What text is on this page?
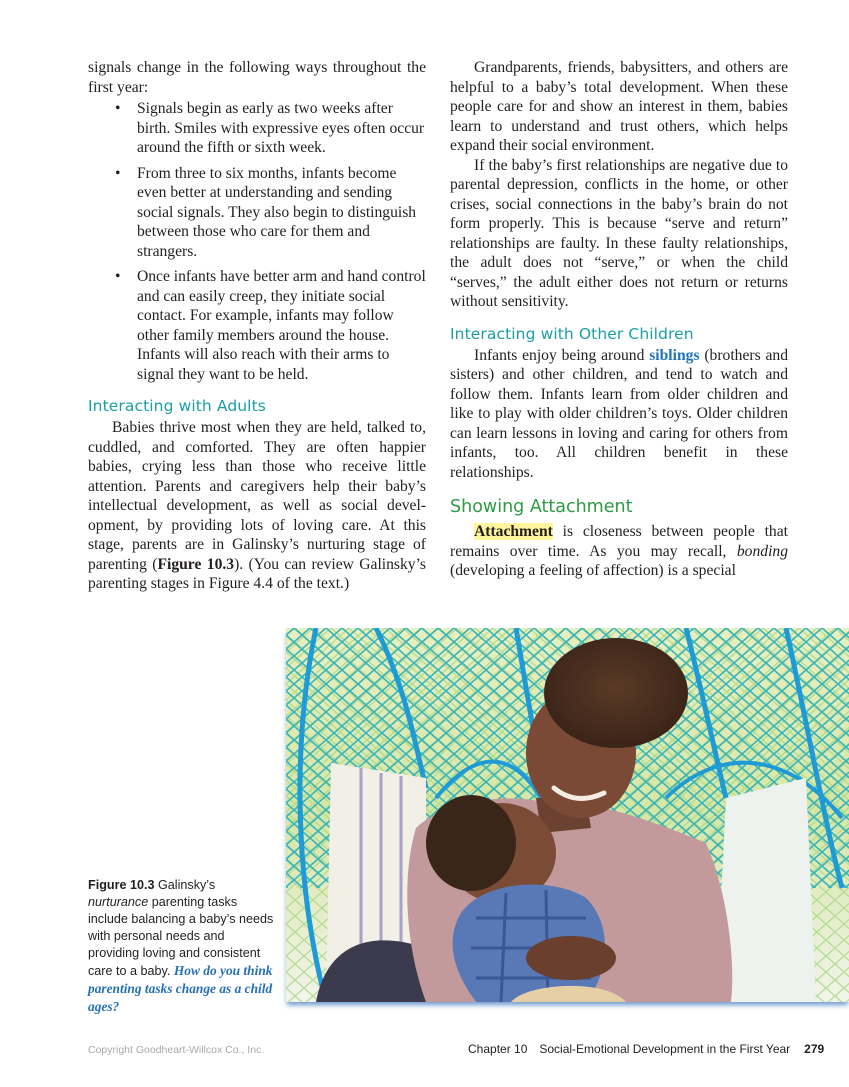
signals change in the following ways throughout the first year:

• Signals begin as early as two weeks after birth. Smiles with expressive eyes often occur around the fifth or sixth week.
• From three to six months, infants become even better at understanding and sending social signals. They also begin to distinguish between those who care for them and strangers.
• Once infants have better arm and hand control and can easily creep, they initiate social contact. For example, infants may follow other family members around the house. Infants will also reach with their arms to signal they want to be held.
Interacting with Adults

Babies thrive most when they are held, talked to, cuddled, and comforted. They are often happier babies, crying less than those who receive little attention. Parents and caregivers help their baby’s intellectual development, as well as social development, by providing lots of loving care. At this stage, parents are in Galinsky’s nurturing stage of parenting (Figure 10.3). (You can review Galinsky’s parenting stages in Figure 4.4 of the text.)

Grandparents, friends, babysitters, and others are helpful to a baby’s total development. When these people care for and show an interest in them, babies learn to understand and trust others, which helps expand their social environment.

If the baby’s first relationships are negative due to parental depression, conflicts in the home, or other crises, social connections in the baby’s brain do not form properly. This is because “serve and return” relationships are faulty. In these faulty relationships, the adult does not “serve,” or when the child “serves,” the adult either does not return or returns without sensitivity.

Interacting with Other Children

Infants enjoy being around siblings (brothers and sisters) and other children, and tend to watch and follow them. Infants learn from older children and like to play with older children’s toys. Older children can learn lessons in loving and caring for others from infants, too. All children benefit in these relationships.

Showing Attachment

Attachment is closeness between people that remains over time. As you may recall, bonding (developing a feeling of affection) is a special

Figure 10.3 Galinsky’s nurturance parenting tasks include balancing a baby’s needs with personal needs and providing loving and consistent care to a baby. How do you think parenting tasks change as a child ages?
Copyright Goodheart-Willcox Co., Inc.	Chapter 10 Social-Emotional Development in the First Year 279
